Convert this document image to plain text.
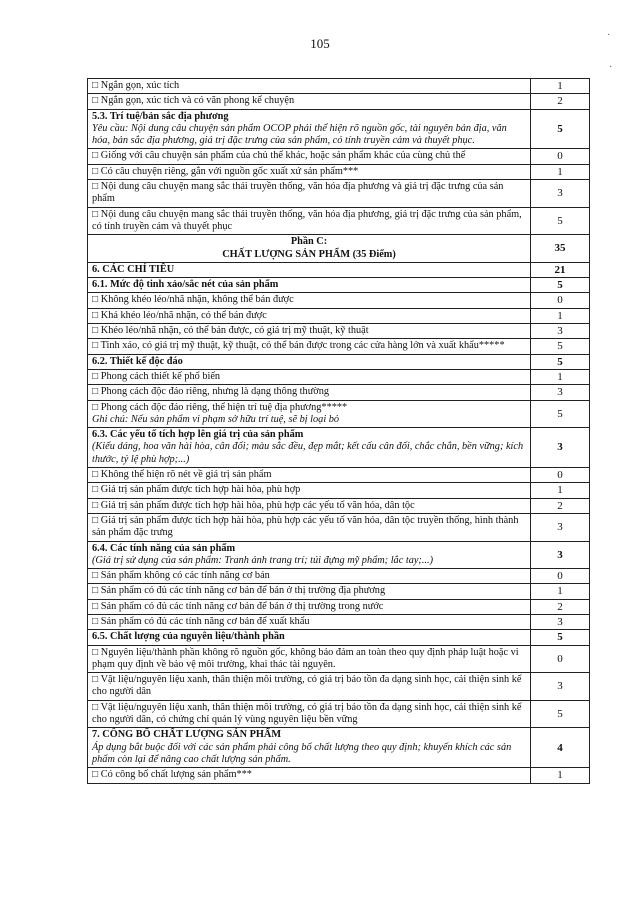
105
·
·
□ Ngắn gọn, xúc tích	1

□ Ngắn gọn, xúc tích và có văn phong kể chuyện	2

5.3. Trí tuệ/bản sắc địa phương
Yêu cầu: Nội dung câu chuyện sản phẩm OCOP phải thể hiện rõ nguồn gốc, tài nguyên bản địa, văn hóa, bản sắc địa phương, giá trị đặc trưng của sản phẩm, có tính truyền cảm và thuyết phục.	5

□ Giống với câu chuyện sản phẩm của chủ thể khác, hoặc sản phẩm khác của cùng chủ thể	0

□ Có câu chuyện riêng, gắn với nguồn gốc xuất xứ sản phẩm***	1

□ Nội dung câu chuyện mang sắc thái truyền thống, văn hóa địa phương và giá trị đặc trưng của sản phẩm	3

□ Nội dung câu chuyện mang sắc thái truyền thống, văn hóa địa phương, giá trị đặc trưng của sản phẩm, có tính truyền cảm và thuyết phục	5

Phần C:
CHẤT LƯỢNG SẢN PHẨM (35 Điểm)	35

6. CÁC CHỈ TIÊU	21

6.1. Mức độ tinh xảo/sắc nét của sản phẩm	5

□ Không khéo léo/nhã nhặn, không thể bán được	0

□ Khá khéo léo/nhã nhặn, có thể bán được	1

□ Khéo léo/nhã nhặn, có thể bán được, có giá trị mỹ thuật, kỹ thuật	3

□ Tinh xảo, có giá trị mỹ thuật, kỹ thuật, có thể bán được trong các cửa hàng lớn và xuất khẩu*****	5

6.2. Thiết kế độc đáo	5

□ Phong cách thiết kế phổ biến	1

□ Phong cách độc đáo riêng, nhưng là dạng thông thường	3

□ Phong cách độc đáo riêng, thể hiện trí tuệ địa phương*****
Ghi chú: Nếu sản phẩm vi phạm sở hữu trí tuệ, sẽ bị loại bỏ	5

6.3. Các yếu tố tích hợp lên giá trị của sản phẩm
(Kiểu dáng, hoa văn hài hòa, cân đối; màu sắc đều, đẹp mắt; kết cấu cân đối, chắc chắn, bền vững; kích thước, tỷ lệ phù hợp;...)	3

□ Không thể hiện rõ nét về giá trị sản phẩm	0

□ Giá trị sản phẩm được tích hợp hài hòa, phù hợp	1

□ Giá trị sản phẩm được tích hợp hài hòa, phù hợp các yếu tố văn hóa, dân tộc	2

□ Giá trị sản phẩm được tích hợp hài hòa, phù hợp các yếu tố văn hóa, dân tộc truyền thống, hình thành sản phẩm đặc trưng	3

6.4. Các tính năng của sản phẩm
(Giá trị sử dụng của sản phẩm: Tranh ảnh trang trí; túi đựng mỹ phẩm; lắc tay;...)	3

□ Sản phẩm không có các tính năng cơ bản	0

□ Sản phẩm có đủ các tính năng cơ bản để bán ở thị trường địa phương	1

□ Sản phẩm có đủ các tính năng cơ bản để bán ở thị trường trong nước	2

□ Sản phẩm có đủ các tính năng cơ bản để xuất khẩu	3

6.5. Chất lượng của nguyên liệu/thành phần	5

□ Nguyên liệu/thành phần không rõ nguồn gốc, không bảo đảm an toàn theo quy định pháp luật hoặc vi phạm quy định về bảo vệ môi trường, khai thác tài nguyên.	0

□ Vật liệu/nguyên liệu xanh, thân thiện môi trường, có giá trị bảo tồn đa dạng sinh học, cải thiện sinh kế cho người dân	3

□ Vật liệu/nguyên liệu xanh, thân thiện môi trường, có giá trị bảo tồn đa dạng sinh học, cải thiện sinh kế cho người dân, có chứng chỉ quản lý vùng nguyên liệu bền vững	5

7. CÔNG BỐ CHẤT LƯỢNG SẢN PHẨM
Áp dụng bắt buộc đối với các sản phẩm phải công bố chất lượng theo quy định; khuyến khích các sản phẩm còn lại để nâng cao chất lượng sản phẩm.	4

□ Có công bố chất lượng sản phẩm***	1
